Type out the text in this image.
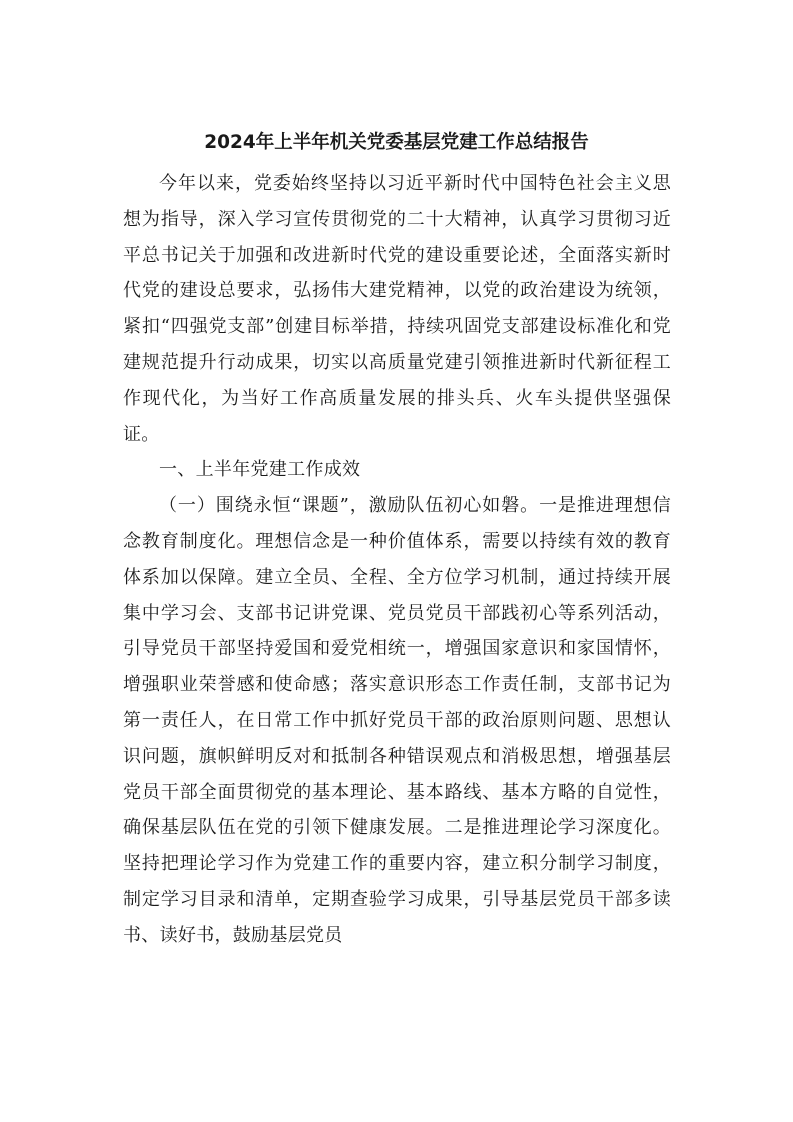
2024年上半年机关党委基层党建工作总结报告

今年以来，党委始终坚持以习近平新时代中国特色社会主义思想为指导，深入学习宣传贯彻党的二十大精神，认真学习贯彻习近平总书记关于加强和改进新时代党的建设重要论述，全面落实新时代党的建设总要求，弘扬伟大建党精神，以党的政治建设为统领，紧扣“四强党支部”创建目标举措，持续巩固党支部建设标准化和党建规范提升行动成果，切实以高质量党建引领推进新时代新征程工作现代化，为当好工作高质量发展的排头兵、火车头提供坚强保证。

一、上半年党建工作成效

（一）围绕永恒“课题”，激励队伍初心如磐。一是推进理想信念教育制度化。理想信念是一种价值体系，需要以持续有效的教育体系加以保障。建立全员、全程、全方位学习机制，通过持续开展集中学习会、支部书记讲党课、党员党员干部践初心等系列活动，引导党员干部坚持爱国和爱党相统一，增强国家意识和家国情怀，增强职业荣誉感和使命感；落实意识形态工作责任制，支部书记为第一责任人，在日常工作中抓好党员干部的政治原则问题、思想认识问题，旗帜鲜明反对和抵制各种错误观点和消极思想，增强基层党员干部全面贯彻党的基本理论、基本路线、基本方略的自觉性，确保基层队伍在党的引领下健康发展。二是推进理论学习深度化。坚持把理论学习作为党建工作的重要内容，建立积分制学习制度，制定学习目录和清单，定期查验学习成果，引导基层党员干部多读书、读好书，鼓励基层党员
